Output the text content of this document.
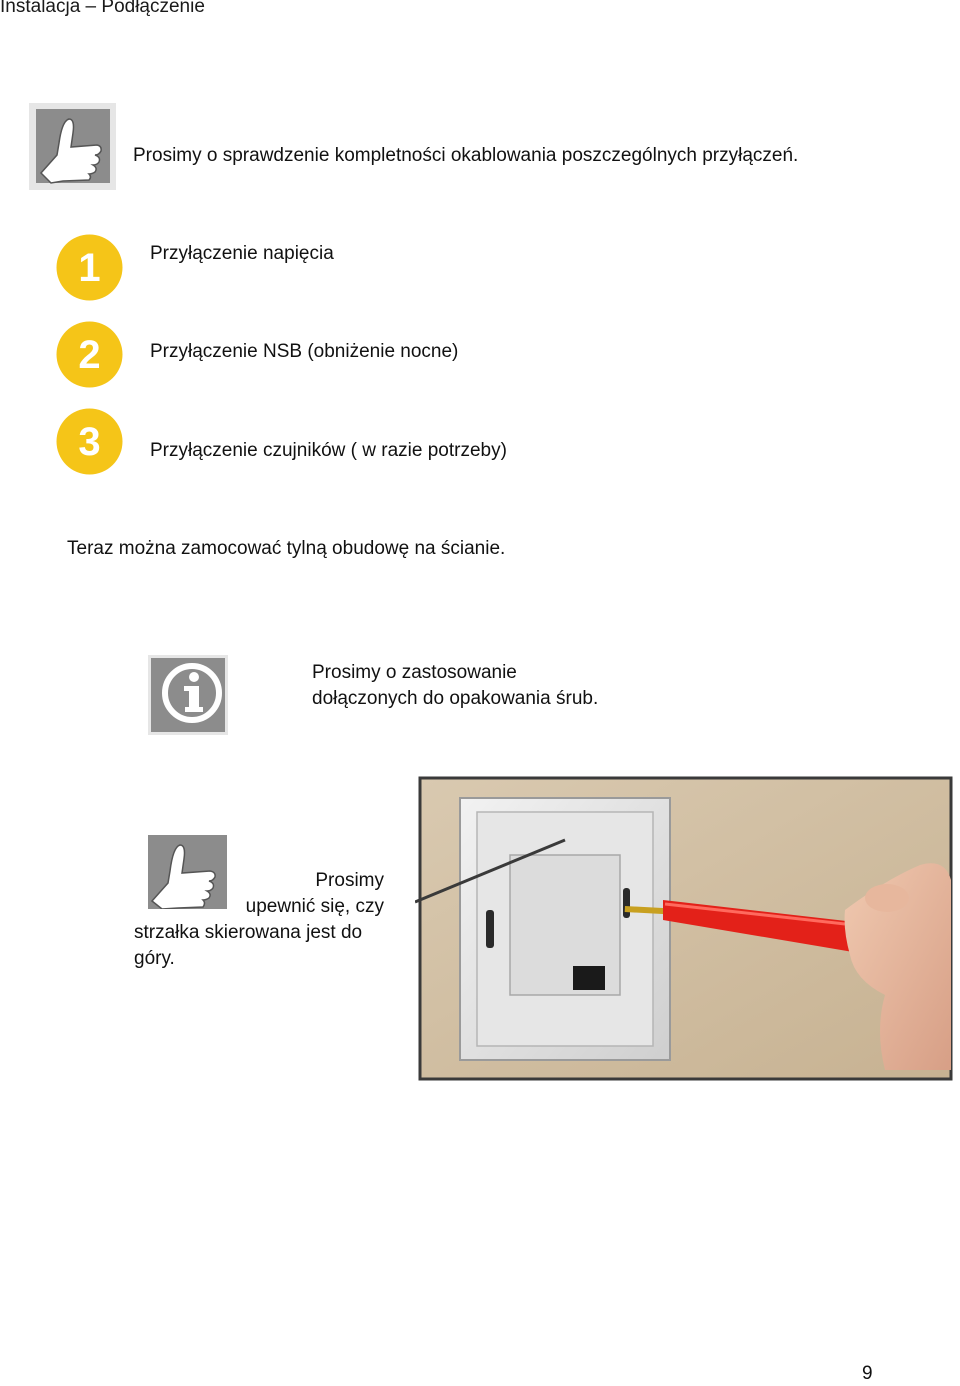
Instalacja – Podłączenie
Prosimy o sprawdzenie kompletności okablowania poszczególnych przyłączeń.
1
2
3
Przyłączenie napięcia
Przyłączenie NSB (obniżenie nocne)
Przyłączenie czujników ( w razie potrzeby)
Teraz można zamocować tylną obudowę na ścianie.
Prosimy o zastosowanie
dołączonych do opakowania śrub.
Prosimy
upewnić się, czy
strzałka skierowana jest do
góry.
9
